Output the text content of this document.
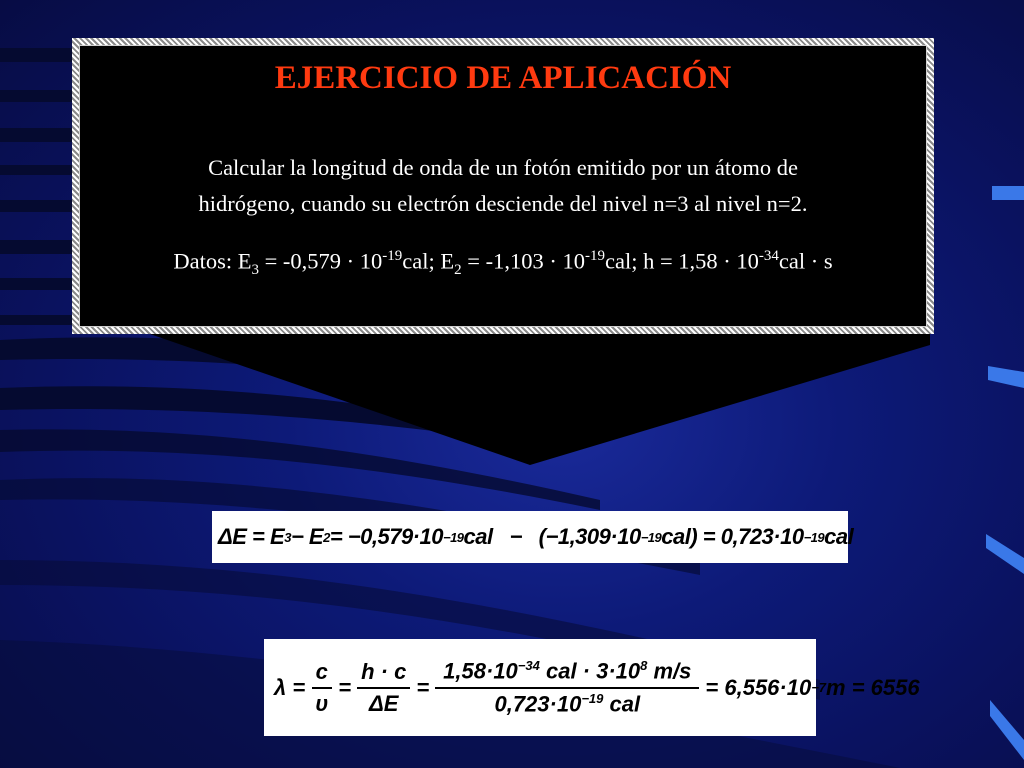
EJERCICIO DE APLICACIÓN
Calcular la longitud de onda de un fotón emitido por un átomo de
hidrógeno, cuando su electrón desciende del nivel n=3 al nivel n=2.
Datos: $E_3 = -0,579 \cdot 10^{-19}cal$; $E_2 = -1,103 \cdot 10^{-19}cal$; $h = 1,58 \cdot 10^{-34}cal \cdot s$
ΔE = E 3 − E 2 = −0,579·10 −19 cal −   (−1,309·10 −19 cal) = 0,723·10 −19 cal
$\lambda = \frac{c}{\upsilon} = \frac{h \cdot c}{\Delta E} = \frac{1,58\cdot 10^{-34} cal \cdot 3\cdot 10^8 m/s}{0,723\cdot 10^{-19} cal} = 6,556\cdot 10 -7$ m = 6556
